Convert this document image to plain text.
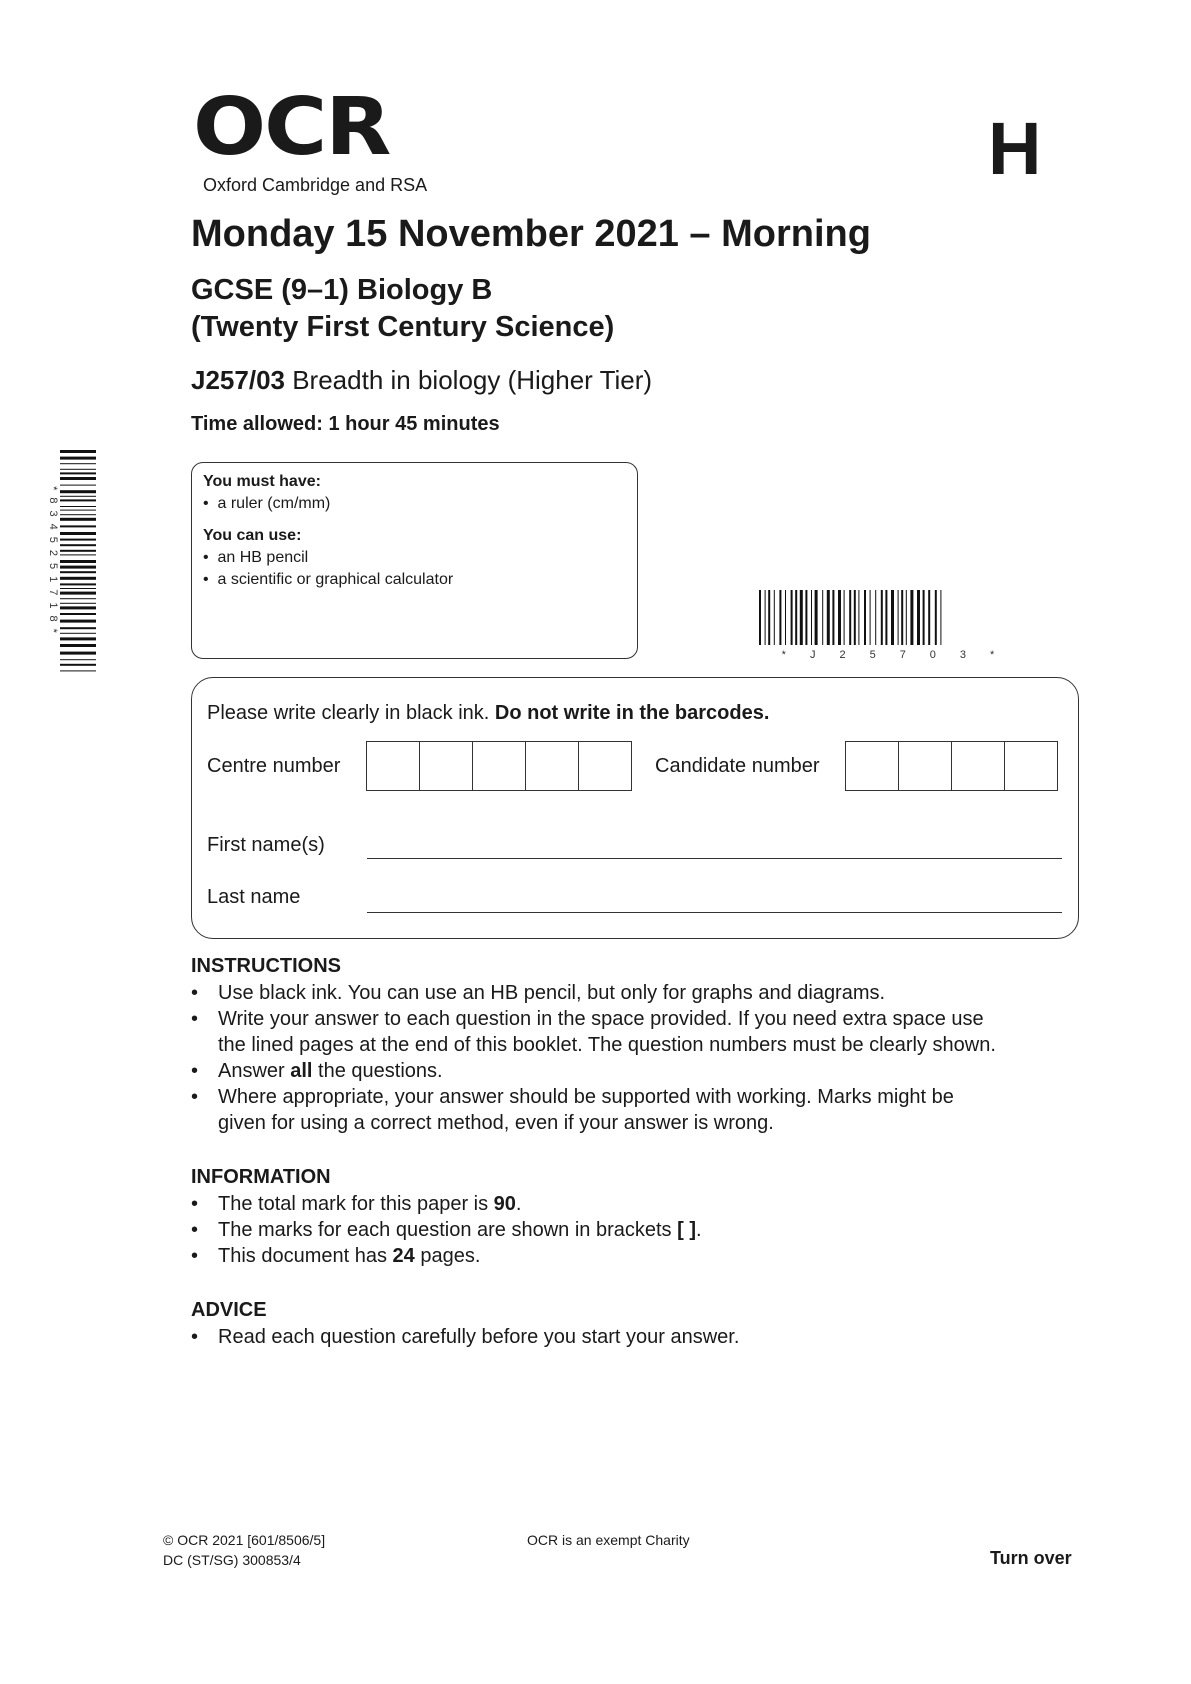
OCR
Oxford Cambridge and RSA	H
Monday 15 November 2021 – Morning
GCSE (9–1) Biology B
(Twenty First Century Science)
J257/03 Breadth in biology (Higher Tier)
Time allowed: 1 hour 45 minutes
*8345251718*
You must have:
•  a ruler (cm/mm)
You can use:
•  an HB pencil
•  a scientific or graphical calculator
*J25703*
Please write clearly in black ink. Do not write in the barcodes.
Centre number	Candidate number
First name(s)
Last name
INSTRUCTIONS
• Use black ink. You can use an HB pencil, but only for graphs and diagrams.
• Write your answer to each question in the space provided. If you need extra space use
the lined pages at the end of this booklet. The question numbers must be clearly shown.
• Answer all the questions.
• Where appropriate, your answer should be supported with working. Marks might be
given for using a correct method, even if your answer is wrong.
INFORMATION
• The total mark for this paper is 90.
• The marks for each question are shown in brackets [ ].
• This document has 24 pages.
ADVICE
• Read each question carefully before you start your answer.
© OCR 2021 [601/8506/5]
DC (ST/SG) 300853/4
OCR is an exempt Charity
Turn over
